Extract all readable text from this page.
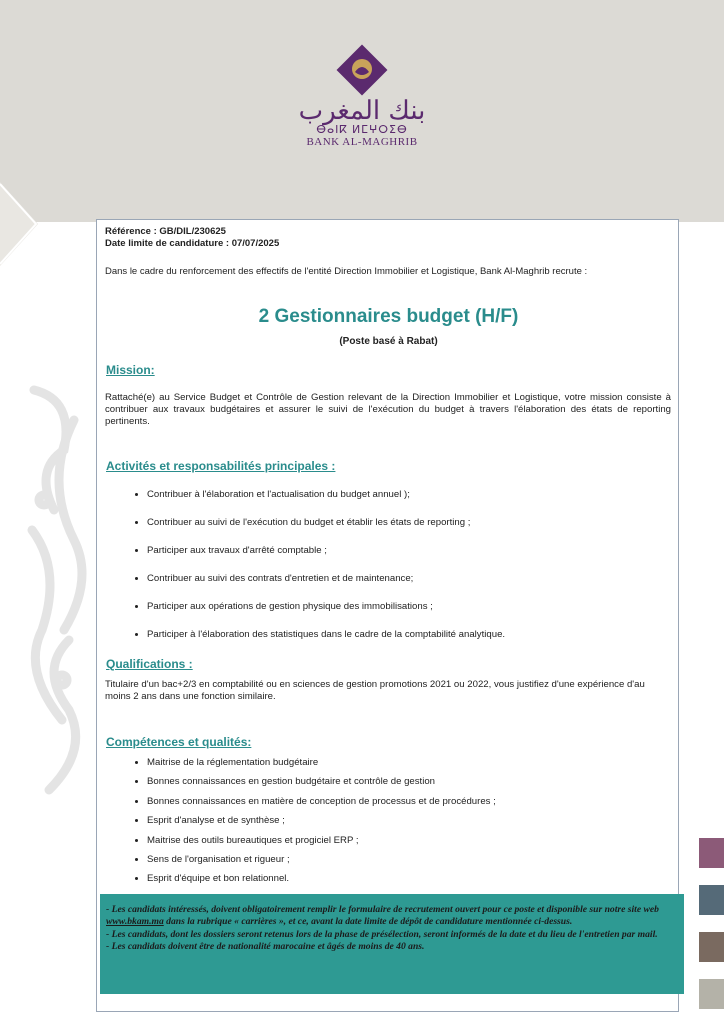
بنك المغرب
ⴱⴰⵏⴽ ⵍⵎⵖⵔⵉⴱ
BANK AL-MAGHRIB
Référence : GB/DIL/230625
Date limite de candidature : 07/07/2025
Dans le cadre du renforcement des effectifs de l'entité Direction Immobilier et Logistique, Bank Al-Maghrib recrute :
2 Gestionnaires budget (H/F)
(Poste basé à Rabat)
Mission:
Rattaché(e) au Service Budget et Contrôle de Gestion relevant de la Direction Immobilier et Logistique, votre mission consiste à contribuer aux travaux budgétaires et assurer le suivi de l'exécution du budget à travers l'élaboration des états de reporting pertinents.
Activités et responsabilités principales :
• Contribuer à l'élaboration et l'actualisation du budget annuel );
• Contribuer au suivi de l'exécution du budget et établir les états de reporting ;
• Participer aux travaux d'arrêté comptable ;
• Contribuer au suivi des contrats d'entretien et de maintenance;
• Participer aux opérations de gestion physique des immobilisations ;
• Participer à l'élaboration des statistiques dans le cadre de la comptabilité analytique.
Qualifications :
Titulaire d'un bac+2/3 en comptabilité ou en sciences de gestion promotions 2021 ou 2022, vous justifiez d'une expérience d'au moins 2 ans dans une fonction similaire.
Compétences et qualités:
• Maitrise de la réglementation budgétaire
• Bonnes connaissances en gestion budgétaire et contrôle de gestion
• Bonnes connaissances en matière de conception de processus et de procédures ;
• Esprit d'analyse et de synthèse ;
• Maitrise des outils bureautiques et progiciel ERP ;
• Sens de l'organisation et rigueur ;
• Esprit d'équipe et bon relationnel.

- Les candidats intéressés, doivent obligatoirement remplir le formulaire de recrutement ouvert pour ce poste et disponible sur notre site web www.bkam.ma dans la rubrique « carrières », et ce, avant la date limite de dépôt de candidature mentionnée ci-dessus.

- Les candidats, dont les dossiers seront retenus lors de la phase de présélection, seront informés de la date et du lieu de l'entretien par mail.

- Les candidats doivent être de nationalité marocaine et âgés de moins de 40 ans.
